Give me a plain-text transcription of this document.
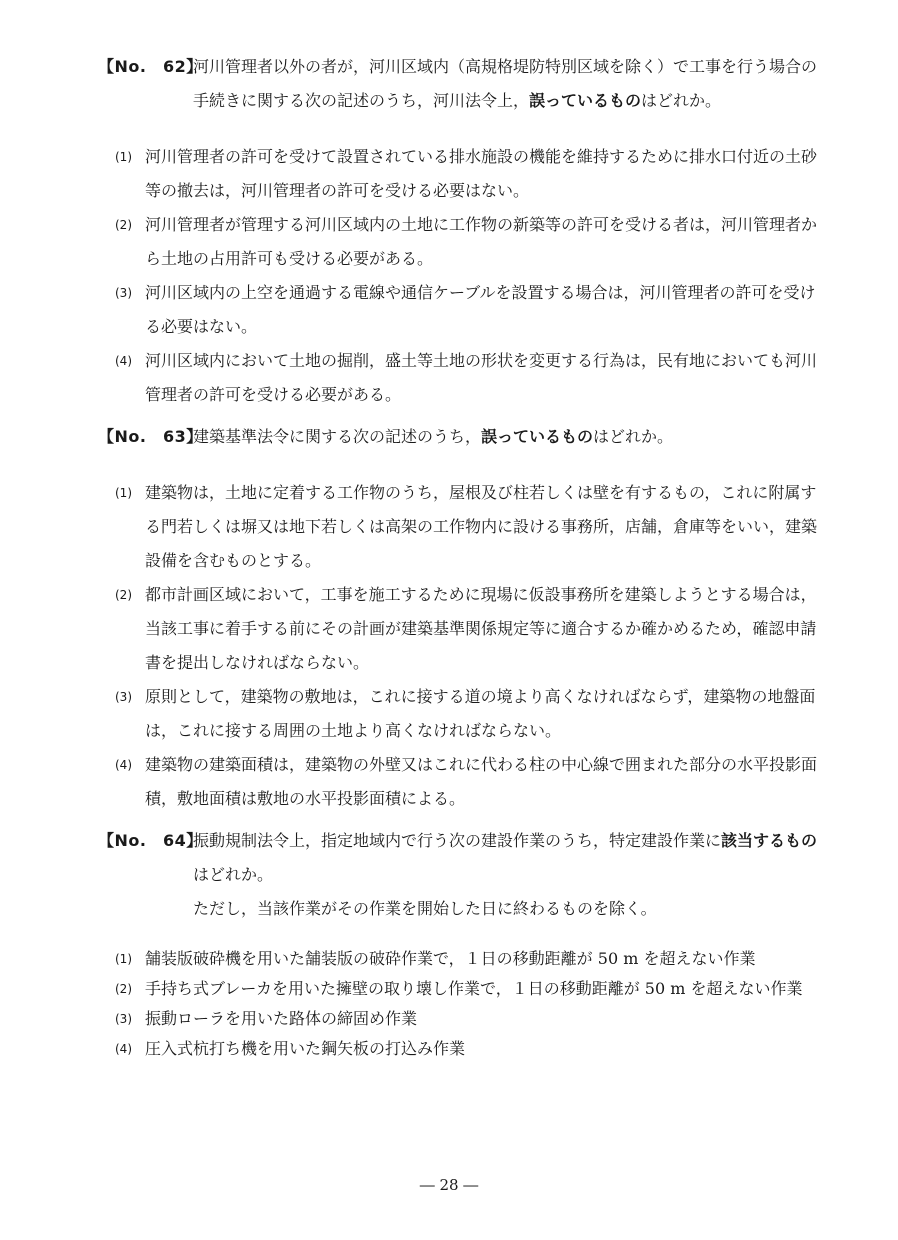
【No.　62】
河川管理者以外の者が，河川区域内（高規格堤防特別区域を除く）で工事を行う場合の手続きに関する次の記述のうち，河川法令上，誤っているものはどれか。
(1) 河川管理者の許可を受けて設置されている排水施設の機能を維持するために排水口付近の土砂等の撤去は，河川管理者の許可を受ける必要はない。
(2) 河川管理者が管理する河川区域内の土地に工作物の新築等の許可を受ける者は，河川管理者から土地の占用許可も受ける必要がある。
(3) 河川区域内の上空を通過する電線や通信ケーブルを設置する場合は，河川管理者の許可を受ける必要はない。
(4) 河川区域内において土地の掘削，盛土等土地の形状を変更する行為は，民有地においても河川管理者の許可を受ける必要がある。
【No.　63】
建築基準法令に関する次の記述のうち，誤っているものはどれか。
(1) 建築物は，土地に定着する工作物のうち，屋根及び柱若しくは壁を有するもの，これに附属する門若しくは塀又は地下若しくは高架の工作物内に設ける事務所，店舗，倉庫等をいい，建築設備を含むものとする。
(2) 都市計画区域において，工事を施工するために現場に仮設事務所を建築しようとする場合は，当該工事に着手する前にその計画が建築基準関係規定等に適合するか確かめるため，確認申請書を提出しなければならない。
(3) 原則として，建築物の敷地は，これに接する道の境より高くなければならず，建築物の地盤面は，これに接する周囲の土地より高くなければならない。
(4) 建築物の建築面積は，建築物の外壁又はこれに代わる柱の中心線で囲まれた部分の水平投影面積，敷地面積は敷地の水平投影面積による。
【No.　64】
振動規制法令上，指定地域内で行う次の建設作業のうち，特定建設作業に該当するものはどれか。
ただし，当該作業がその作業を開始した日に終わるものを除く。
(1) 舗装版破砕機を用いた舗装版の破砕作業で，１日の移動距離が 50 m を超えない作業
(2) 手持ち式ブレーカを用いた擁壁の取り壊し作業で，１日の移動距離が 50 m を超えない作業
(3) 振動ローラを用いた路体の締固め作業
(4) 圧入式杭打ち機を用いた鋼矢板の打込み作業
― 28 ―
